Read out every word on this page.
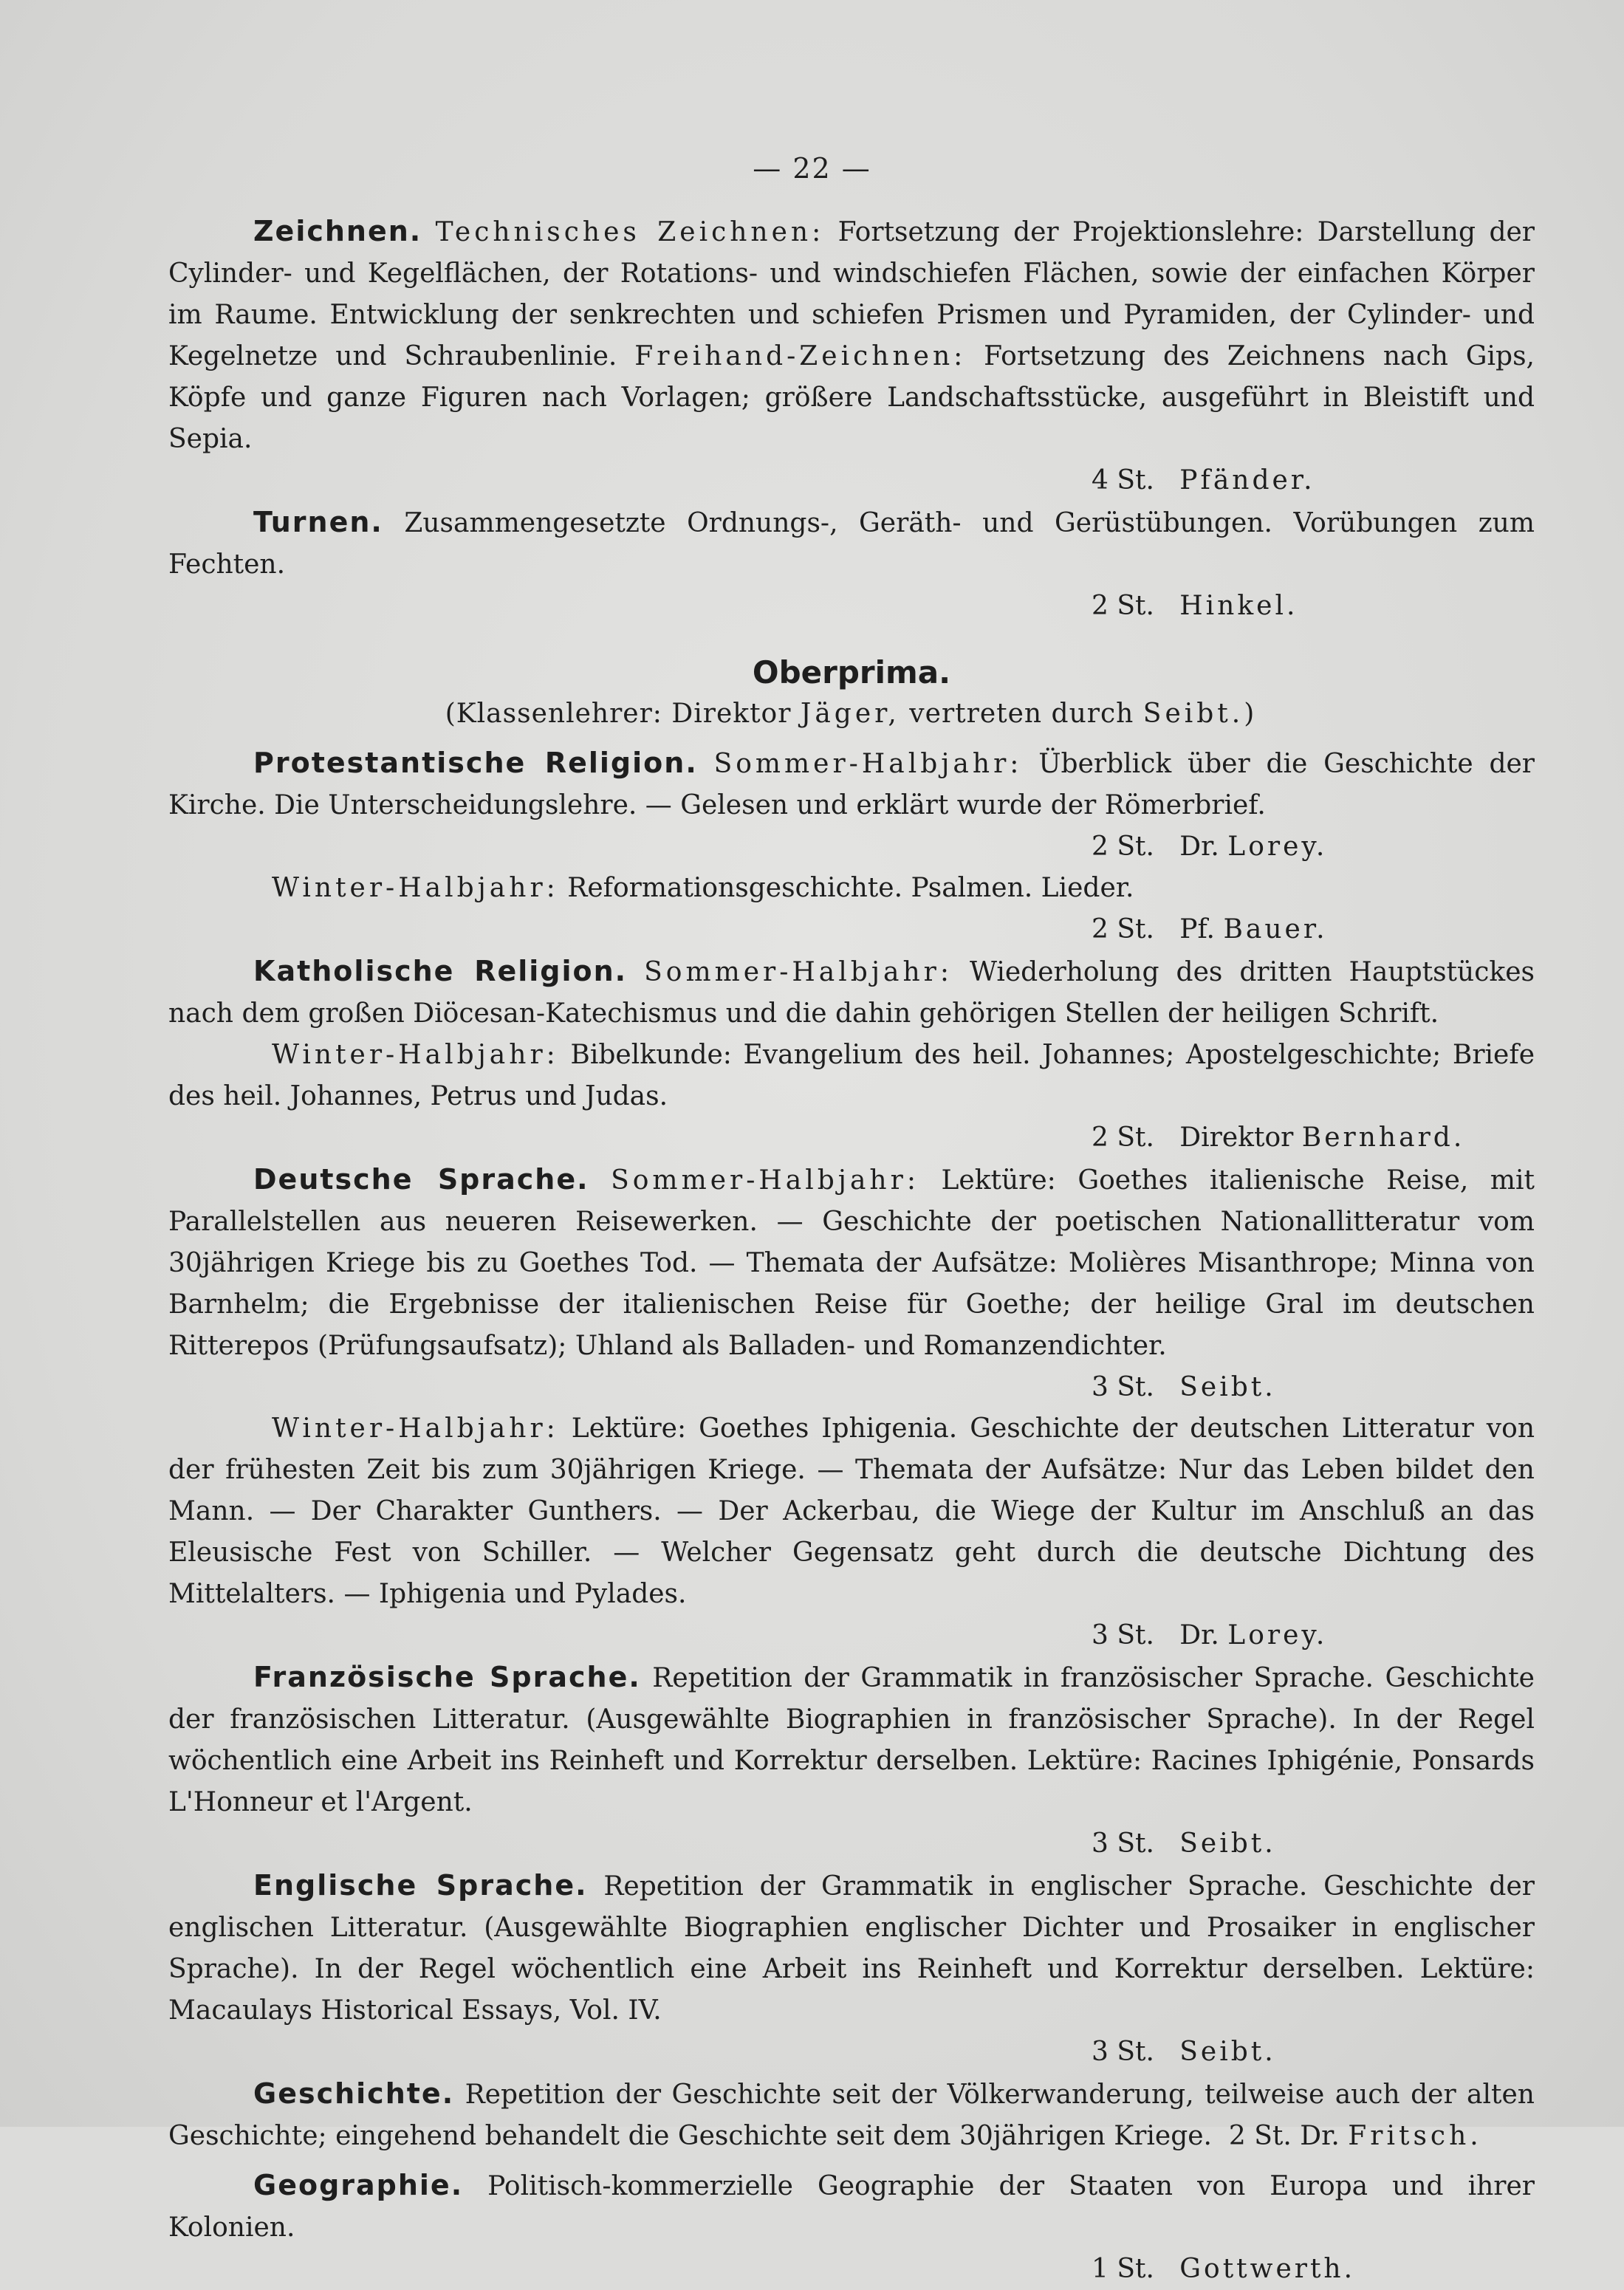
— 22 —

Zeichnen. Technisches Zeichnen: Fortsetzung der Projektionslehre: Darstellung der Cylinder- und Kegelflächen, der Rotations- und windschiefen Flächen, sowie der einfachen Körper im Raume. Entwicklung der senkrechten und schiefen Prismen und Pyramiden, der Cylinder- und Kegelnetze und Schraubenlinie. Freihand-Zeichnen: Fortsetzung des Zeichnens nach Gips, Köpfe und ganze Figuren nach Vorlagen; größere Landschaftsstücke, ausgeführt in Bleistift und Sepia.

4 St. Pfänder.

Turnen. Zusammengesetzte Ordnungs-, Geräth- und Gerüstübungen. Vorübungen zum Fechten.

2 St. Hinkel.

Oberprima.

(Klassenlehrer: Direktor Jäger, vertreten durch Seibt.)

Protestantische Religion. Sommer-Halbjahr: Überblick über die Geschichte der Kirche. Die Unterscheidungslehre. — Gelesen und erklärt wurde der Römerbrief.

2 St. Dr. Lorey.

Winter-Halbjahr: Reformationsgeschichte. Psalmen. Lieder.

2 St. Pf. Bauer.

Katholische Religion. Sommer-Halbjahr: Wiederholung des dritten Hauptstückes nach dem großen Diöcesan-Katechismus und die dahin gehörigen Stellen der heiligen Schrift.

Winter-Halbjahr: Bibelkunde: Evangelium des heil. Johannes; Apostelgeschichte; Briefe des heil. Johannes, Petrus und Judas.

2 St. Direktor Bernhard.

Deutsche Sprache. Sommer-Halbjahr: Lektüre: Goethes italienische Reise, mit Parallelstellen aus neueren Reisewerken. — Geschichte der poetischen Nationallitteratur vom 30jährigen Kriege bis zu Goethes Tod. — Themata der Aufsätze: Molières Misanthrope; Minna von Barnhelm; die Ergebnisse der italienischen Reise für Goethe; der heilige Gral im deutschen Ritterepos (Prüfungsaufsatz); Uhland als Balladen- und Romanzendichter.

3 St. Seibt.

Winter-Halbjahr: Lektüre: Goethes Iphigenia. Geschichte der deutschen Litteratur von der frühesten Zeit bis zum 30jährigen Kriege. — Themata der Aufsätze: Nur das Leben bildet den Mann. — Der Charakter Gunthers. — Der Ackerbau, die Wiege der Kultur im Anschluß an das Eleusische Fest von Schiller. — Welcher Gegensatz geht durch die deutsche Dichtung des Mittelalters. — Iphigenia und Pylades.

3 St. Dr. Lorey.

Französische Sprache. Repetition der Grammatik in französischer Sprache. Geschichte der französischen Litteratur. (Ausgewählte Biographien in französischer Sprache). In der Regel wöchentlich eine Arbeit ins Reinheft und Korrektur derselben. Lektüre: Racines Iphigénie, Ponsards L'Honneur et l'Argent.

3 St. Seibt.

Englische Sprache. Repetition der Grammatik in englischer Sprache. Geschichte der englischen Litteratur. (Ausgewählte Biographien englischer Dichter und Prosaiker in englischer Sprache). In der Regel wöchentlich eine Arbeit ins Reinheft und Korrektur derselben. Lektüre: Macaulays Historical Essays, Vol. IV.

3 St. Seibt.

Geschichte. Repetition der Geschichte seit der Völkerwanderung, teilweise auch der alten Geschichte; eingehend behandelt die Geschichte seit dem 30jährigen Kriege. 2 St. Dr. Fritsch.

Geographie. Politisch-kommerzielle Geographie der Staaten von Europa und ihrer Kolonien.

1 St. Gottwerth.
